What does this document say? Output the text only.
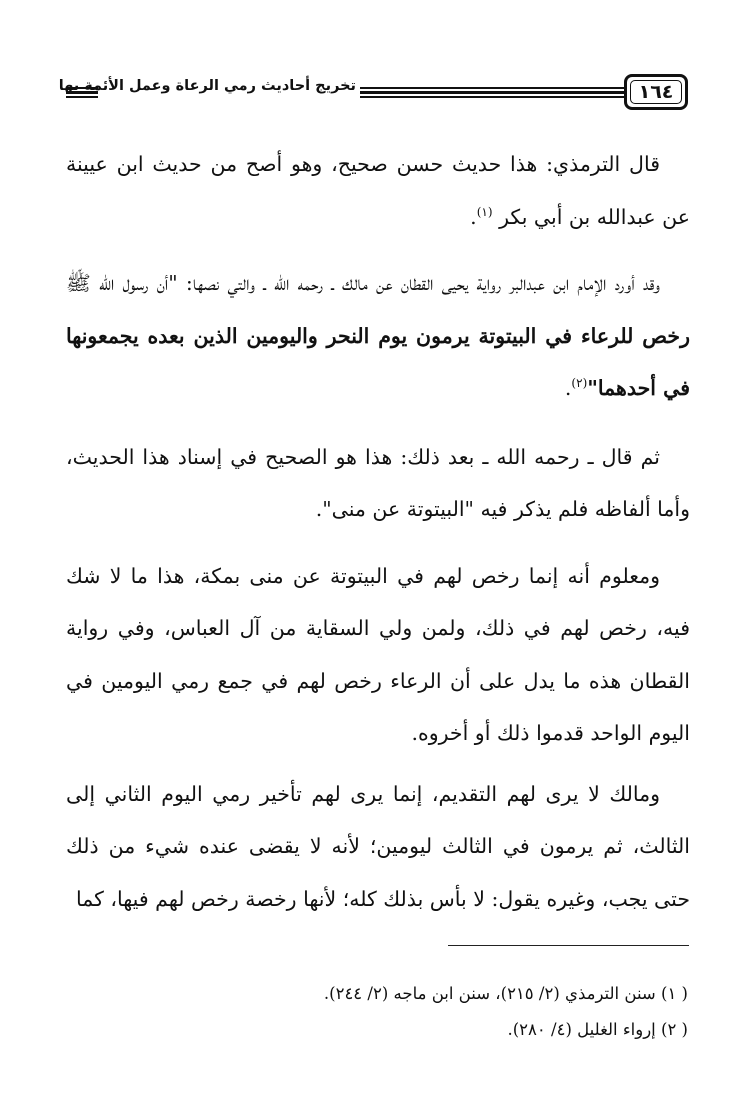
تخريج أحاديث رمي الرعاة وعمل الأئمة بها	١٦٤

قال الترمذي: هذا حديث حسن صحيح، وهو أصح من حديث ابن عيينة عن عبدالله بن أبي بكر $^{(١)}$.

وقد أورد الإمام ابن عبدالبر رواية يحيى القطان عن مالك ـ رحمه الله ـ والتي نصها: "أن رسول الله ﷺ رخص للرعاء في البيتوتة يرمون يوم النحر واليومين الذين بعده يجمعونها في أحدهما"$^{(٢)}$.

ثم قال ـ رحمه الله ـ بعد ذلك: هذا هو الصحيح في إسناد هذا الحديث، وأما ألفاظه فلم يذكر فيه "البيتوتة عن منى".

ومعلوم أنه إنما رخص لهم في البيتوتة عن منى بمكة، هذا ما لا شك فيه، رخص لهم في ذلك، ولمن ولي السقاية من آل العباس، وفي رواية القطان هذه ما يدل على أن الرعاء رخص لهم في جمع رمي اليومين في اليوم الواحد قدموا ذلك أو أخروه.

ومالك لا يرى لهم التقديم، إنما يرى لهم تأخير رمي اليوم الثاني إلى الثالث، ثم يرمون في الثالث ليومين؛ لأنه لا يقضى عنده شيء من ذلك حتى يجب، وغيره يقول: لا بأس بذلك كله؛ لأنها رخصة رخص لهم فيها، كما

( ١) سنن الترمذي (٢/ ٢١٥)، سنن ابن ماجه (٢/ ٢٤٤).
( ٢) إرواء الغليل (٤/ ٢٨٠).
